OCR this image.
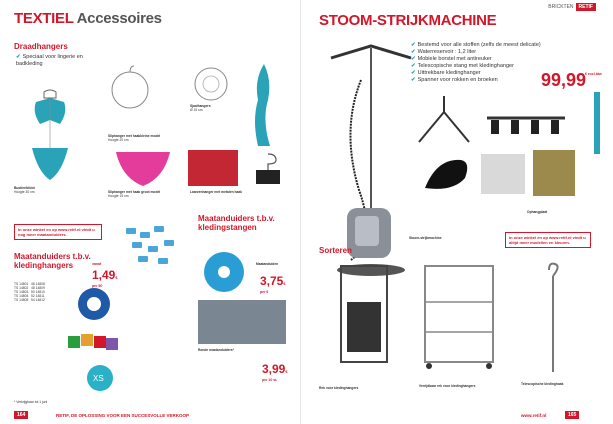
TEXTIEL Accessoires
Draadhangers
✔ Speciaal voor lingerie en badkleding
Bustier/bikini
Hoogte 30 cm
Sliphanger met haakkleine model
Hoogte 20 cm
Sliphanger met haak groot model
Hoogte 15 cm
Sjaalhangers
Ø 15 cm
Laarzenhanger met metalen haak

In onze winkel en op www.retif.nl vindt u nog meer maatanduiders.
Maatanduiders t.b.v. kledinghangers	vanaf
1,49€
per 50
TS 14801   46 14808
TS 14802   48 14809
TS 14803   50 14810
TS 14804   52 14811
TS 14805   54 14812
XS
Maatanduiders t.b.v. kledingstangen
Maatanduiden

3,75€
per 6
Ronde maatanduiders*

3,99€
per 10 st.
* Verkrijgbaar tot 1 juni
164	RETIF, DE OPLOSSING VOOR EEN SUCCESVOLLE VERKOOP
BRICKTEN RETIF
STOOM-STRIJKMACHINE
✔ Bestemd voor alle stoffen (zelfs de meest delicate)
✔ Waterreservoir : 1,2 liter
✔ Mobiele borstel met antireuker
✔ Telescopische stang met kledinghanger
✔ Uittrekbare kledinghanger
✔ Spanner voor rokken en broeken	99,99
€ excl.btw
Stoom-strijkmachine

Ophangplaat

In onze winkel en op www.retif.nl vindt u altijd meer modellen en kleuren.
Sorteren
Rek voor kledinghangers	Verrijdbaar rek voor kledinghangers	Telescopische kledinghaak

www.retif.nl	165
